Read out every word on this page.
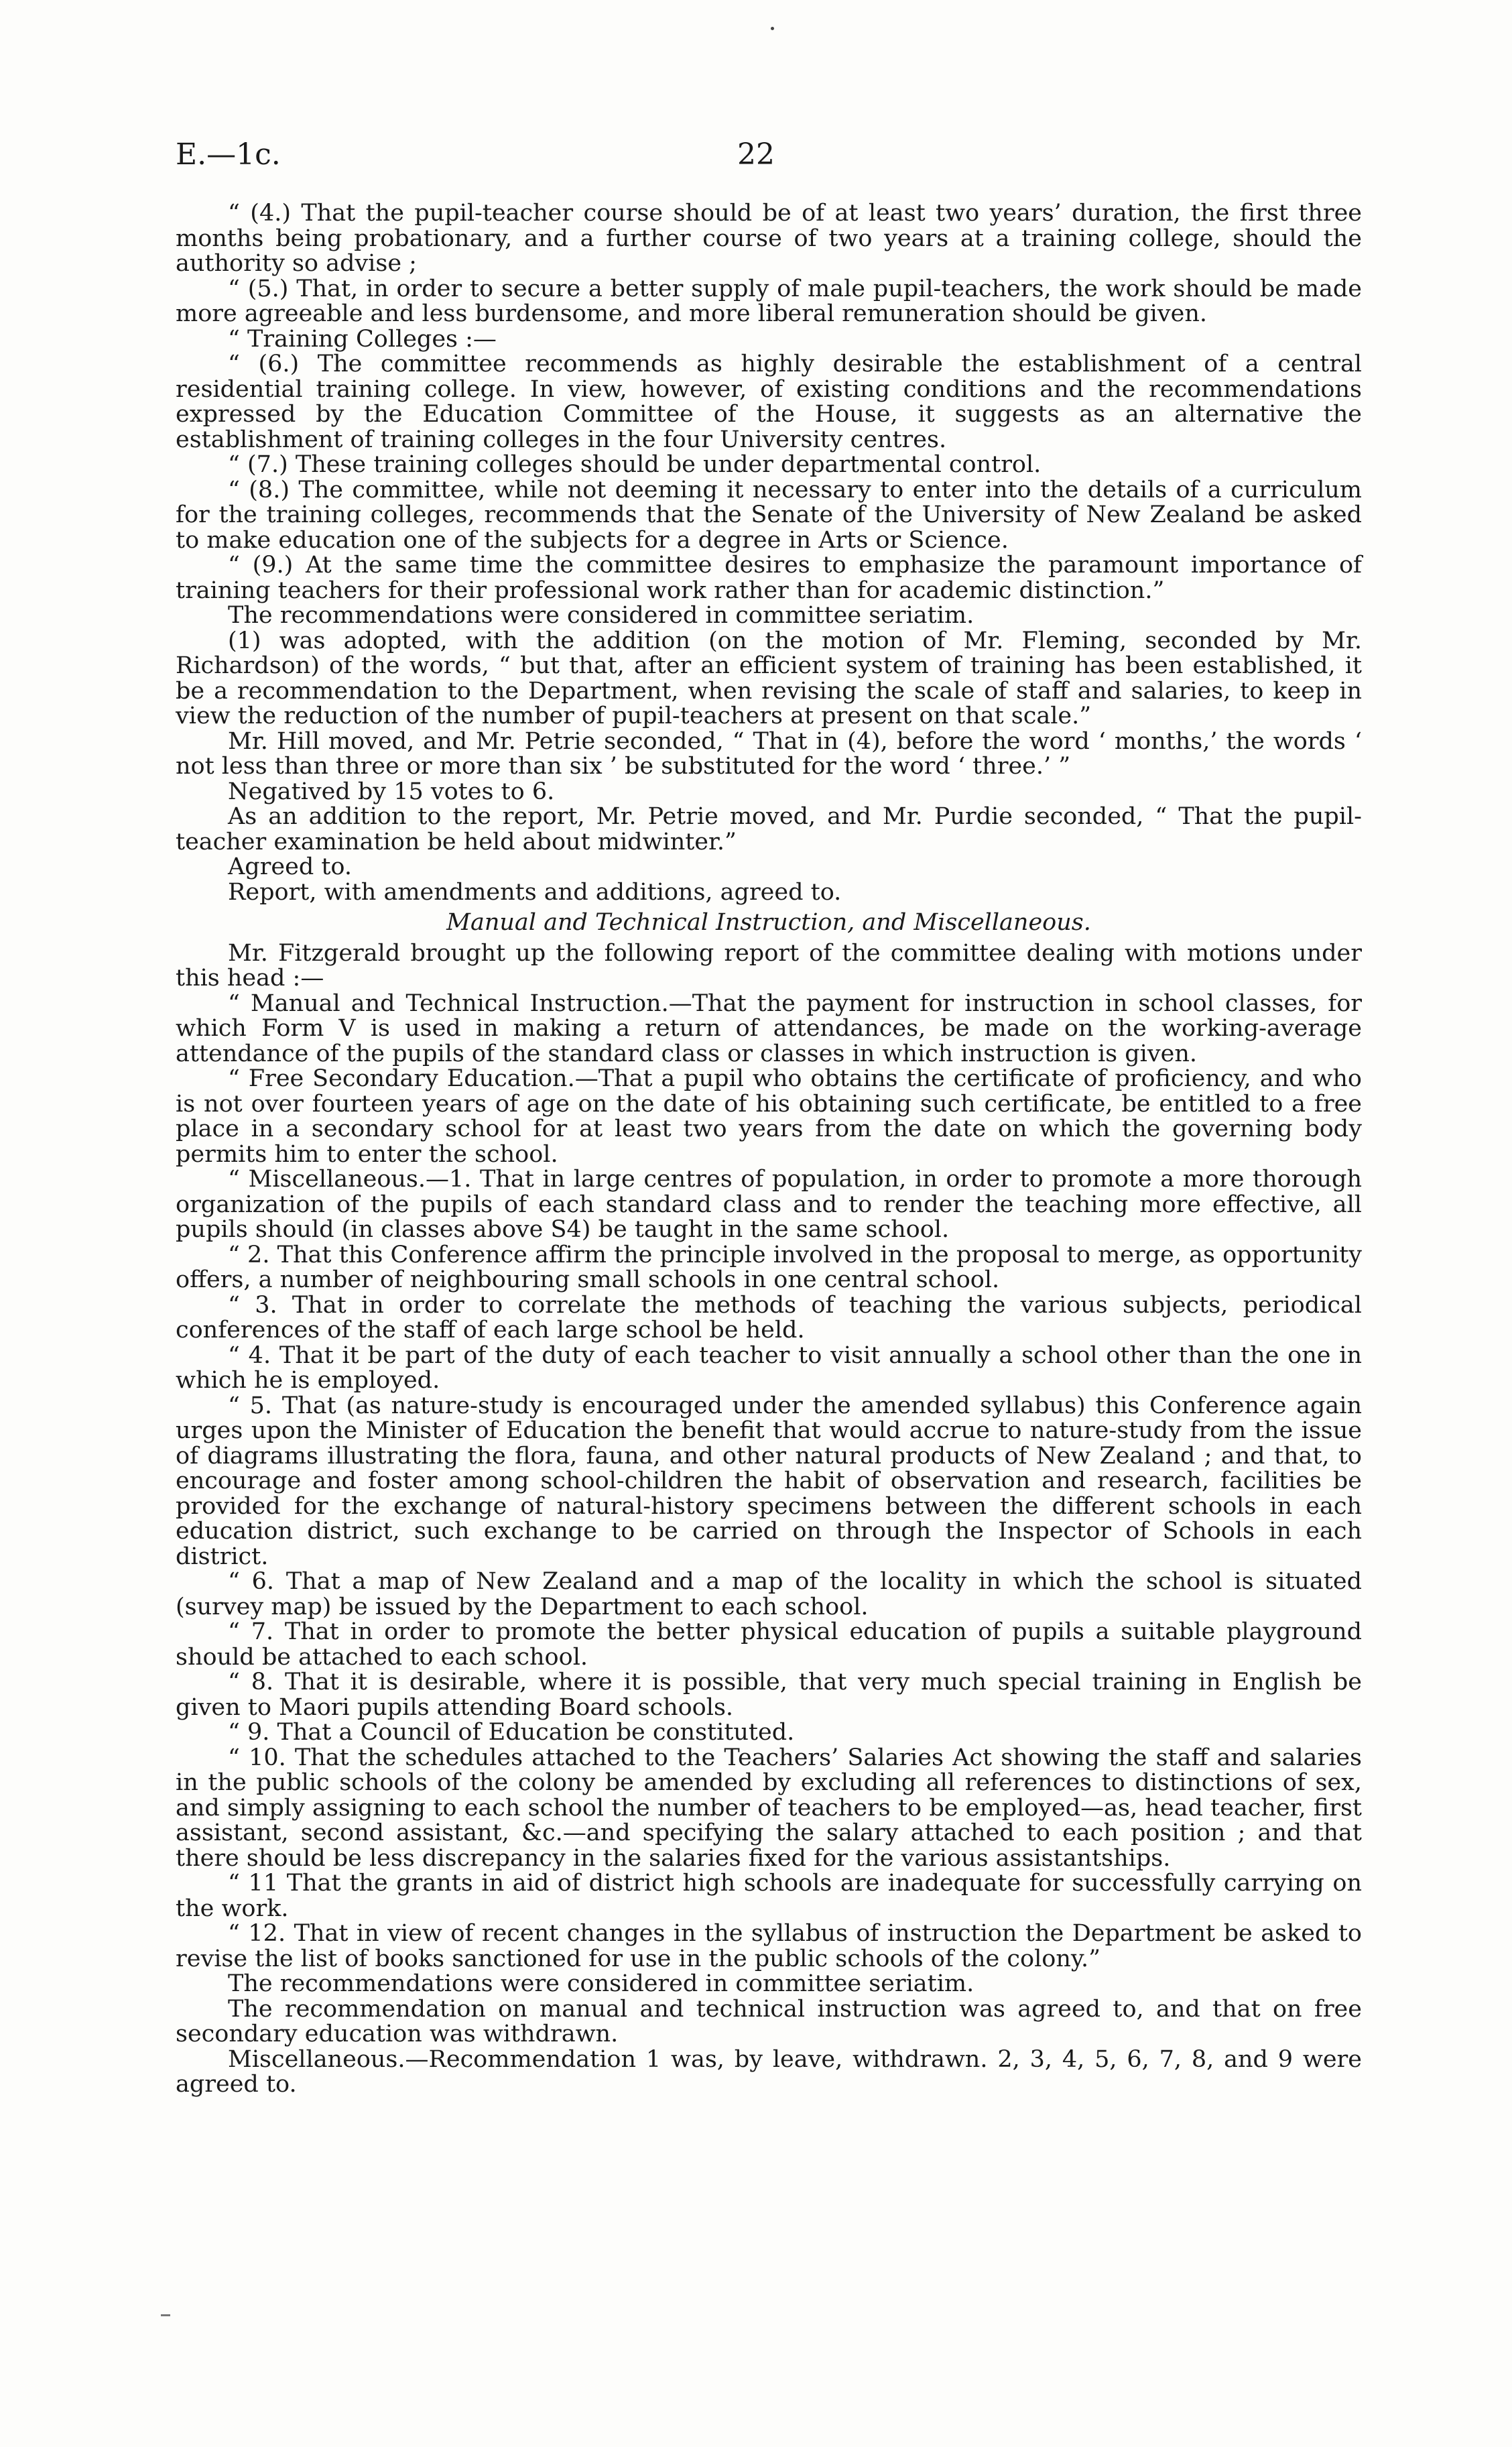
22
E.—1c.

“ (4.) That the pupil-teacher course should be of at least two years’ duration, the first three months being probationary, and a further course of two years at a training college, should the authority so advise ;

“ (5.) That, in order to secure a better supply of male pupil-teachers, the work should be made more agreeable and less burdensome, and more liberal remuneration should be given.

“ Training Colleges :—

“ (6.) The committee recommends as highly desirable the establishment of a central residential training college. In view, however, of existing conditions and the recommendations expressed by the Education Committee of the House, it suggests as an alternative the establishment of training colleges in the four University centres.

“ (7.) These training colleges should be under departmental control.

“ (8.) The committee, while not deeming it necessary to enter into the details of a curriculum for the training colleges, recommends that the Senate of the University of New Zealand be asked to make education one of the subjects for a degree in Arts or Science.

“ (9.) At the same time the committee desires to emphasize the paramount importance of training teachers for their professional work rather than for academic distinction.”

The recommendations were considered in committee seriatim.

(1) was adopted, with the addition (on the motion of Mr. Fleming, seconded by Mr. Richardson) of the words, “ but that, after an efficient system of training has been established, it be a recommendation to the Department, when revising the scale of staff and salaries, to keep in view the reduction of the number of pupil-teachers at present on that scale.”

Mr. Hill moved, and Mr. Petrie seconded, “ That in (4), before the word ‘ months,’ the words ‘ not less than three or more than six ’ be substituted for the word ‘ three.’ ”

Negatived by 15 votes to 6.

As an addition to the report, Mr. Petrie moved, and Mr. Purdie seconded, “ That the pupil-teacher examination be held about midwinter.”

Agreed to.

Report, with amendments and additions, agreed to.

Manual and Technical Instruction, and Miscellaneous.

Mr. Fitzgerald brought up the following report of the committee dealing with motions under this head :—

“ Manual and Technical Instruction.—That the payment for instruction in school classes, for which Form V is used in making a return of attendances, be made on the working-average attendance of the pupils of the standard class or classes in which instruction is given.

“ Free Secondary Education.—That a pupil who obtains the certificate of proficiency, and who is not over fourteen years of age on the date of his obtaining such certificate, be entitled to a free place in a secondary school for at least two years from the date on which the governing body permits him to enter the school.

“ Miscellaneous.—1. That in large centres of population, in order to promote a more thorough organization of the pupils of each standard class and to render the teaching more effective, all pupils should (in classes above S4) be taught in the same school.

“ 2. That this Conference affirm the principle involved in the proposal to merge, as opportunity offers, a number of neighbouring small schools in one central school.

“ 3. That in order to correlate the methods of teaching the various subjects, periodical conferences of the staff of each large school be held.

“ 4. That it be part of the duty of each teacher to visit annually a school other than the one in which he is employed.

“ 5. That (as nature-study is encouraged under the amended syllabus) this Conference again urges upon the Minister of Education the benefit that would accrue to nature-study from the issue of diagrams illustrating the flora, fauna, and other natural products of New Zealand ; and that, to encourage and foster among school-children the habit of observation and research, facilities be provided for the exchange of natural-history specimens between the different schools in each education district, such exchange to be carried on through the Inspector of Schools in each district.

“ 6. That a map of New Zealand and a map of the locality in which the school is situated (survey map) be issued by the Department to each school.

“ 7. That in order to promote the better physical education of pupils a suitable playground should be attached to each school.

“ 8. That it is desirable, where it is possible, that very much special training in English be given to Maori pupils attending Board schools.

“ 9. That a Council of Education be constituted.

“ 10. That the schedules attached to the Teachers’ Salaries Act showing the staff and salaries in the public schools of the colony be amended by excluding all references to distinctions of sex, and simply assigning to each school the number of teachers to be employed—as, head teacher, first assistant, second assistant, &c.—and specifying the salary attached to each position ; and that there should be less discrepancy in the salaries fixed for the various assistantships.

“ 11 That the grants in aid of district high schools are inadequate for successfully carrying on the work.

“ 12. That in view of recent changes in the syllabus of instruction the Department be asked to revise the list of books sanctioned for use in the public schools of the colony.”

The recommendations were considered in committee seriatim.

The recommendation on manual and technical instruction was agreed to, and that on free secondary education was withdrawn.

Miscellaneous.—Recommendation 1 was, by leave, withdrawn. 2, 3, 4, 5, 6, 7, 8, and 9 were agreed to.
